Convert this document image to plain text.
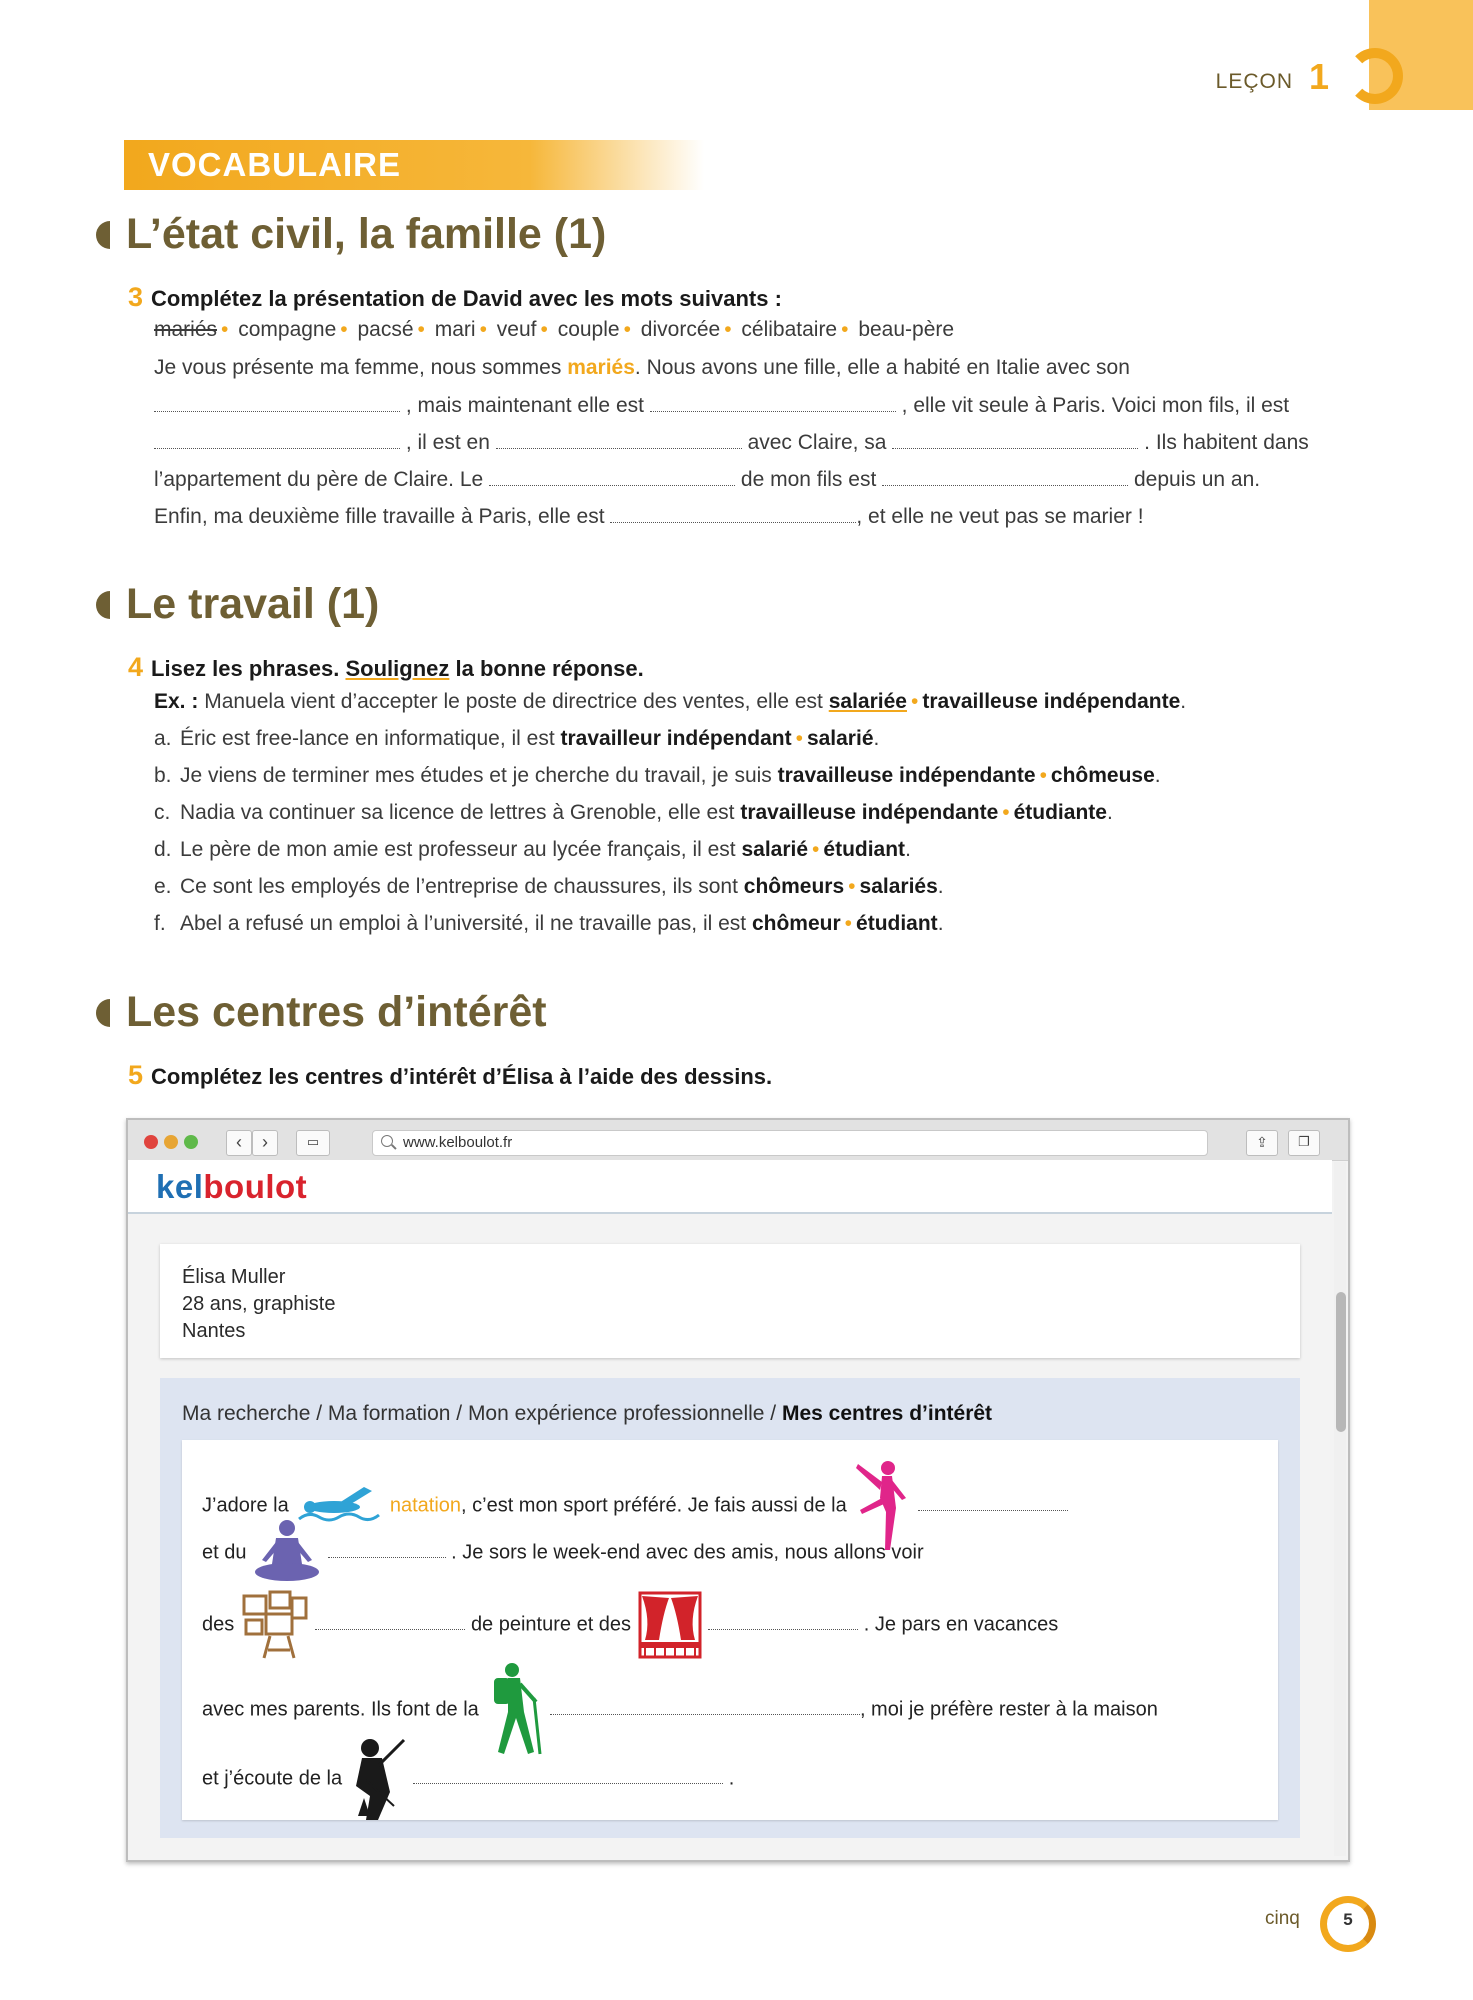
LEÇON 1
VOCABULAIRE
L’état civil, la famille (1)
3 Complétez la présentation de David avec les mots suivants :
mariés • compagne • pacsé • mari • veuf • couple • divorcée • célibataire • beau-père
Je vous présente ma femme, nous sommes mariés. Nous avons une fille, elle a habité en Italie avec son
, mais maintenant elle est	, elle vit seule à Paris. Voici mon fils, il est
, il est en	avec Claire, sa	. Ils habitent dans
l’appartement du père de Claire. Le	de mon fils est	depuis un an.
Enfin, ma deuxième fille travaille à Paris, elle est	, et elle ne veut pas se marier !
Le travail (1)
4 Lisez les phrases. Soulignez la bonne réponse.
Ex. : Manuela vient d’accepter le poste de directrice des ventes, elle est salariée • travailleuse indépendante.
a. Éric est free-lance en informatique, il est travailleur indépendant • salarié.
b. Je viens de terminer mes études et je cherche du travail, je suis travailleuse indépendante • chômeuse.
c. Nadia va continuer sa licence de lettres à Grenoble, elle est travailleuse indépendante • étudiante.
d. Le père de mon amie est professeur au lycée français, il est salarié • étudiant.
e. Ce sont les employés de l’entreprise de chaussures, ils sont chômeurs • salariés.
f. Abel a refusé un emploi à l’université, il ne travaille pas, il est chômeur • étudiant.
Les centres d’intérêt
5 Complétez les centres d’intérêt d’Élisa à l’aide des dessins.
‹	›	▭	www.kelboulot.fr	⇪	❐
kelboulot
Élisa Muller
28 ans, graphiste
Nantes
Ma recherche / Ma formation / Mon expérience professionnelle / Mes centres d’intérêt
J’adore la	natation, c’est mon sport préféré. Je fais aussi de la
et du	. Je sors le week-end avec des amis, nous allons voir
des	de peinture et des	. Je pars en vacances
avec mes parents. Ils font de la	, moi je préfère rester à la maison
et j’écoute de la	.
cinq	5
